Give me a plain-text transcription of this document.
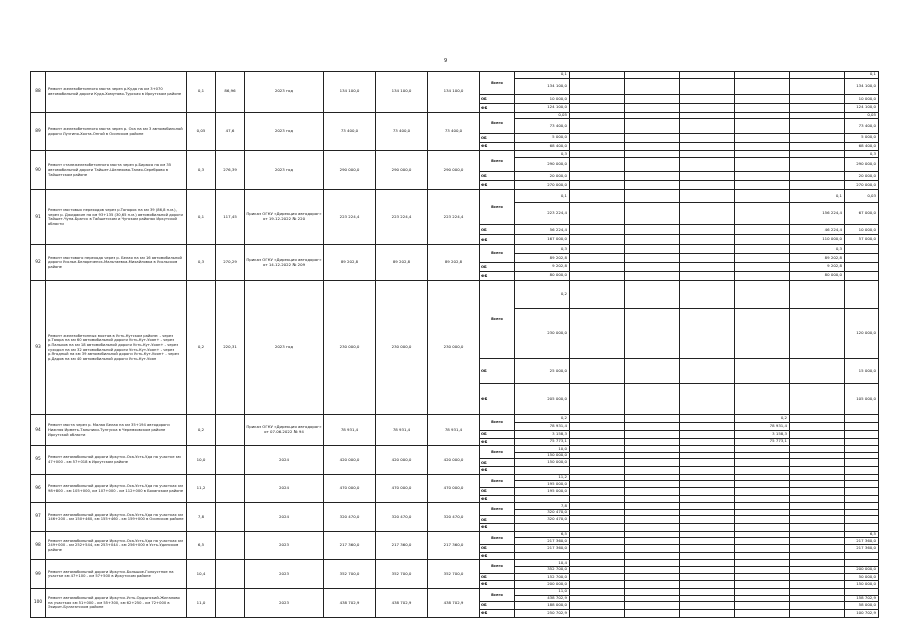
9
88	Ремонт железобетонного моста через р.Куда на км 3+070 автомобильной дороги Куда-Хомутово-Турская в Иркутском районе	0,1	86,96	2023 год	134 100,0	134 100,0	134 100,0	Всего	0,1						0,1	
									134 100,0						134 100,0	
								ОБ	10 000,0						10 000,0	
								ФБ	124 100,0						124 100,0	
89	Ремонт железобетонного моста через р. Оса на км 3 автомобильной дороги Лузгино-Хохта-Онгой в Осинском районе	0,05	47,6	2023 год	73 400,0	73 400,0	73 400,0	Всего	0,05						0,05	
									73 400,0						73 400,0	
								ОБ	5 000,0						5 000,0	
								ФБ	68 400,0						68 400,0	
90	Ремонт сталежелезобетонного моста через р.Бирюса на км 35 автомобильной дороги Тайшет-Шелехово-Талая-Сереброво в Тайшетском районе	0,3	276,39	2023 год	290 000,0	290 000,0	290 000,0	Всего	0,3						0,3	
									290 000,0						290 000,0	
								ОБ	20 000,0						20 000,0	
								ФБ	270 000,0						270 000,0	
91	Ремонт мостовых переходов через р.Топорок на км 39 (86,8 п.м.), через р. Джидакин на км 93+135 (30,65 п.м.) автомобильной дороги Тайшет-Чуна-Братск в Тайшетском и Чунском районах Иркутской области	0,1	117,45	Приказ ОГКУ «Дирекция автодорог» от 19.12.2022 № 220	223 224,4	223 224,4	223 224,4	Всего	0,1					0,1	0,03	
									223 224,4					156 224,4	67 000,0	
								ОБ	56 224,4					46 224,4	10 000,0	
								ФБ	167 000,0					110 000,0	57 000,0	
92	Ремонт мостового перехода через р. Белая на км 16 автомобильной дороги Усолье-Белореченск-Мальтаевка-Михайловка в Усольском районе	0,3	270,29	Приказ ОГКУ «Дирекция автодорог» от 14.12.2022 № 209	89 202,8	89 202,8	89 202,8	Всего	0,3					0,3		
									89 202,8					89 202,8		
								ОБ	9 202,8					9 202,8		
								ФБ	80 000,0					80 000,0		
93	Ремонт железобетонных мостов в Усть-Кутском районе: - через р.Таюра на км 60 автомобильной дороги Усть-Кут-Уоян+ - через р.Пальков на км 18 автомобильной дороги Усть-Кут-Уоян+ - через суходол на км 32 автомобильной дороги Усть-Кут-Уоян+ - через р.Ягодный на км 39 автомобильной дороги Усть-Кут-Уоян+ - через р.Дадов на км 40 автомобильной дороги Усть-Кут-Уоян	0,2	220,31	2023 год	230 000,0	230 000,0	230 000,0	Всего	0,2							
									230 000,0						120 000,0	
								ОБ	25 000,0						15 000,0	
								ФБ	205 000,0						105 000,0	
94	Ремонт моста через р. Малая Белая на км 35+194 автодороги Нижняя Ирметь-Тальники-Тулгуска в Черемховском районе Иркутской области	0,2		Приказ ОГКУ «Дирекция автодорог» от 07.06.2022 № 94	78 931,4	78 931,4	78 931,4	Всего	0,2				0,2			
									78 931,4				78 931,4			
								ОБ	3 158,3				3 158,3			
								ФБ	75 773,1				75 773,1			
95	Ремонт автомобильной дороги Иркутск-Оса-Усть-Уда на участке км 47+000 - км 57+018 в Иркутском районе	10,0		2024	420 000,0	420 000,0	420 000,0	Всего	10,0							
									150 000,0							
								ОБ	150 000,0							
								ФБ								
96	Ремонт автомобильной дороги Иркутск-Оса-Усть-Уда на участках км 98+800 - км 105+000, км 107+000 - км 112+000 в Боханском районе	11,2		2024	470 000,0	470 000,0	470 000,0	Всего	11,2							
									195 000,0							
								ОБ	195 000,0							
								ФБ								
97	Ремонт автомобильной дороги Иркутск-Оса-Усть-Уда на участках км 146+200 - км 150+460, км 155+460 - км 159+000 в Осинском районе	7,8		2024	320 470,0	320 470,0	320 470,0	Всего	7,8							
									320 470,0							
								ОБ	320 470,0							
								ФБ								
98	Ремонт автомобильной дороги Иркутск-Оса-Усть-Уда на участках км 249+000 - км 252+544, км 253+044 - км 256+000 в Усть-Удинском районе	6,5		2023	217 360,0	217 360,0	217 360,0	Всего	6,5						6,5	
									217 360,0						217 360,0	
								ОБ	217 360,0						217 360,0	
								ФБ								
99	Ремонт автомобильной дороги Иркутск-Большое-Голоустное на участке км 47+100 - км 57+500 в Иркутском районе	10,4		2023	352 700,0	352 700,0	352 700,0	Всего	10,4							
									352 700,0						200 000,0	
								ОБ	152 700,0						50 000,0	
								ФБ	200 000,0						150 000,0	
100	Ремонт автомобильной дороги Иркутск-Усть-Ордынский-Жигалово на участках км 51+000 - км 55+300, км 62+250 - км 72+000 в Эхирит-Булагатском районе	11,0		2023	438 702,9	438 702,9	438 702,9	Всего	11,0							
									438 702,9						158 702,9	
								ОБ	188 000,0						58 000,0	
								ФБ	250 702,9						100 702,9	
